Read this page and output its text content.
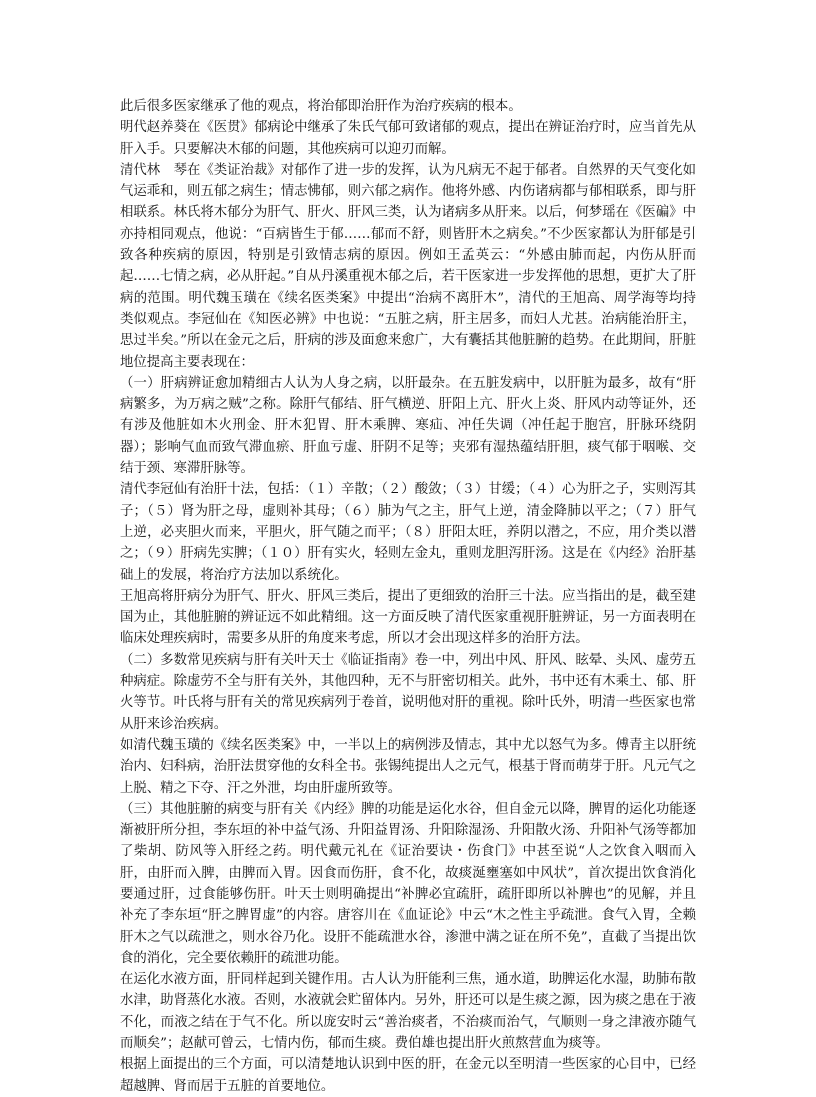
此后很多医家继承了他的观点，将治郁即治肝作为治疗疾病的根本。

明代赵养葵在《医贯》郁病论中继承了朱氏气郁可致诸郁的观点，提出在辨证治疗时，应当首先从肝入手。只要解决木郁的问题，其他疾病可以迎刃而解。

清代林　琴在《类证治裁》对郁作了进一步的发挥，认为凡病无不起于郁者。自然界的天气变化如气运乖和，则五郁之病生；情志怫郁，则六郁之病作。他将外感、内伤诸病都与郁相联系，即与肝相联系。林氏将木郁分为肝气、肝火、肝风三类，认为诸病多从肝来。以后，何梦瑶在《医碥》中亦持相同观点，他说：“百病皆生于郁……郁而不舒，则皆肝木之病矣。”不少医家都认为肝郁是引致各种疾病的原因，特别是引致情志病的原因。例如王孟英云：“外感由肺而起，内伤从肝而起……七情之病，必从肝起。”自从丹溪重视木郁之后，若干医家进一步发挥他的思想，更扩大了肝病的范围。明代魏玉璜在《续名医类案》中提出“治病不离肝木”，清代的王旭高、周学海等均持类似观点。李冠仙在《知医必辨》中也说：“五脏之病，肝主居多，而妇人尤甚。治病能治肝主，思过半矣。”所以在金元之后，肝病的涉及面愈来愈广，大有囊括其他脏腑的趋势。在此期间，肝脏地位提高主要表现在：

（一）肝病辨证愈加精细古人认为人身之病，以肝最杂。在五脏发病中，以肝脏为最多，故有“肝病繁多，为万病之贼”之称。除肝气郁结、肝气横逆、肝阳上亢、肝火上炎、肝风内动等证外，还有涉及他脏如木火刑金、肝木犯胃、肝木乘脾、寒疝、冲任失调（冲任起于胞宫，肝脉环绕阴器）；影响气血而致气滞血瘀、肝血亏虚、肝阴不足等；夹邪有湿热蕴结肝胆，痰气郁于咽喉、交结于颈、寒滞肝脉等。

清代李冠仙有治肝十法，包括：（１）辛散；（２）酸敛；（３）甘缓；（４）心为肝之子，实则泻其子；（５）肾为肝之母，虚则补其母；（６）肺为气之主，肝气上逆，清金降肺以平之；（７）肝气上逆，必夹胆火而来，平胆火，肝气随之而平；（８）肝阳太旺，养阴以潜之，不应，用介类以潜之；（９）肝病先实脾；（１０）肝有实火，轻则左金丸，重则龙胆泻肝汤。这是在《内经》治肝基础上的发展，将治疗方法加以系统化。

王旭高将肝病分为肝气、肝火、肝风三类后，提出了更细致的治肝三十法。应当指出的是，截至建国为止，其他脏腑的辨证远不如此精细。这一方面反映了清代医家重视肝脏辨证，另一方面表明在临床处理疾病时，需要多从肝的角度来考虑，所以才会出现这样多的治肝方法。

（二）多数常见疾病与肝有关叶天士《临证指南》卷一中，列出中风、肝风、眩晕、头风、虚劳五种病症。除虚劳不全与肝有关外，其他四种，无不与肝密切相关。此外，书中还有木乘土、郁、肝火等节。叶氏将与肝有关的常见疾病列于卷首，说明他对肝的重视。除叶氏外，明清一些医家也常从肝来诊治疾病。

如清代魏玉璜的《续名医类案》中，一半以上的病例涉及情志，其中尤以怒气为多。傅青主以肝统治内、妇科病，治肝法贯穿他的女科全书。张锡纯提出人之元气，根基于肾而萌芽于肝。凡元气之上脱、精之下夺、汗之外泄，均由肝虚所致等。

（三）其他脏腑的病变与肝有关《内经》脾的功能是运化水谷，但自金元以降，脾胃的运化功能逐渐被肝所分担，李东垣的补中益气汤、升阳益胃汤、升阳除湿汤、升阳散火汤、升阳补气汤等都加了柴胡、防风等入肝经之药。明代戴元礼在《证治要诀・伤食门》中甚至说“人之饮食入咽而入肝，由肝而入脾，由脾而入胃。因食而伤肝，食不化，故痰涎壅塞如中风状”，首次提出饮食消化要通过肝，过食能够伤肝。叶天士则明确提出“补脾必宜疏肝，疏肝即所以补脾也”的见解，并且补充了李东垣“肝之脾胃虚”的内容。唐容川在《血证论》中云“木之性主乎疏泄。食气入胃，全赖肝木之气以疏泄之，则水谷乃化。设肝不能疏泄水谷，渗泄中满之证在所不免”，直截了当提出饮食的消化，完全要依赖肝的疏泄功能。

在运化水液方面，肝同样起到关键作用。古人认为肝能利三焦，通水道，助脾运化水湿，助肺布散水津，助肾蒸化水液。否则，水液就会贮留体内。另外，肝还可以是生痰之源，因为痰之患在于液不化，而液之结在于气不化。所以庞安时云“善治痰者，不治痰而治气，气顺则一身之津液亦随气而顺矣”；赵献可曾云，七情内伤，郁而生痰。费伯雄也提出肝火煎熬营血为痰等。

根据上面提出的三个方面，可以清楚地认识到中医的肝，在金元以至明清一些医家的心目中，已经超越脾、肾而居于五脏的首要地位。
